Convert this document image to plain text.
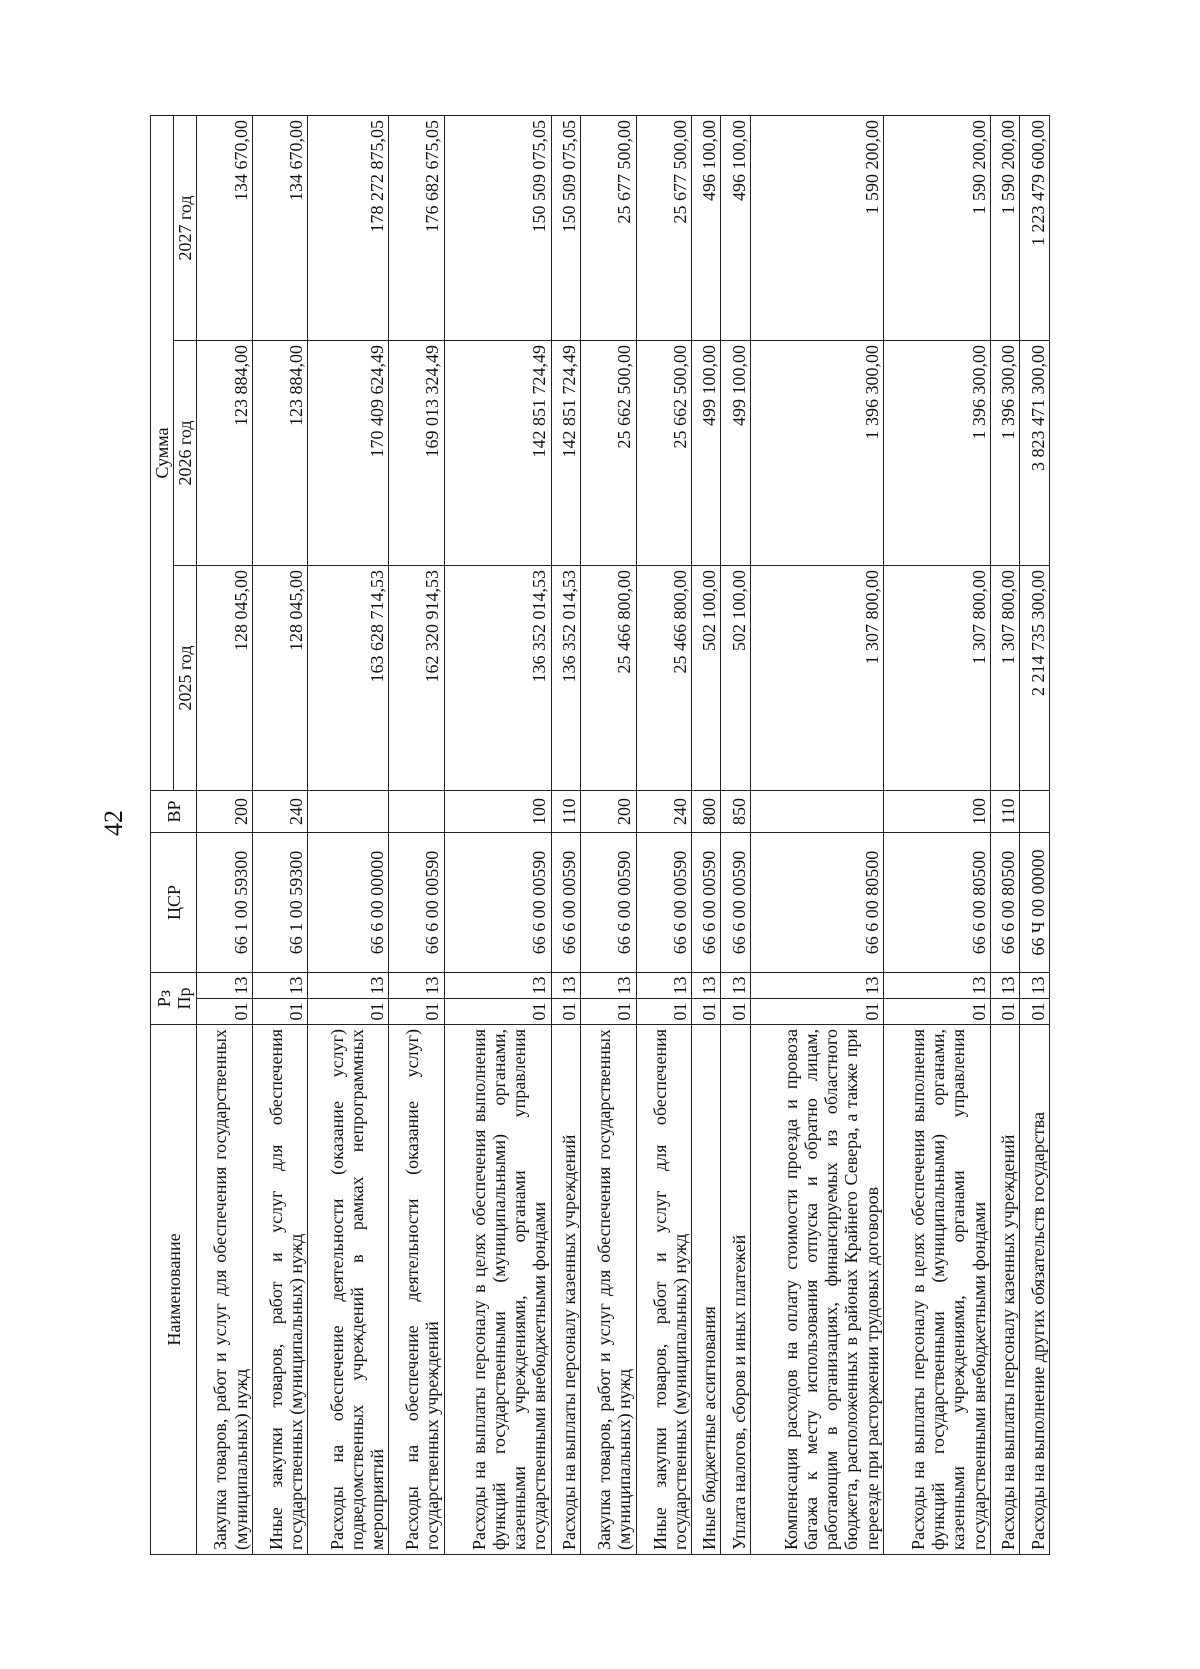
42
Наименование	Рз Пр		ЦСР	ВР	Сумма		
					2025 год	2026 год	2027 год
Закупка товаров, работ и услуг для обеспечения государственных (муниципальных) нужд	01	13	66 1 00 59300	200	128 045,00	123 884,00	134 670,00
Иные закупки товаров, работ и услуг для обеспечения государственных (муниципальных) нужд	01	13	66 1 00 59300	240	128 045,00	123 884,00	134 670,00
Расходы на обеспечение деятельности (оказание услуг) подведомственных учреждений в рамках непрограммных мероприятий	01	13	66 6 00 00000		163 628 714,53	170 409 624,49	178 272 875,05
Расходы на обеспечение деятельности (оказание услуг) государственных учреждений	01	13	66 6 00 00590		162 320 914,53	169 013 324,49	176 682 675,05
Расходы на выплаты персоналу в целях обеспечения выполнения функций государственными (муниципальными) органами, казенными учреждениями, органами управления государственными внебюджетными фондами	01	13	66 6 00 00590	100	136 352 014,53	142 851 724,49	150 509 075,05
Расходы на выплаты персоналу казенных учреждений	01	13	66 6 00 00590	110	136 352 014,53	142 851 724,49	150 509 075,05
Закупка товаров, работ и услуг для обеспечения государственных (муниципальных) нужд	01	13	66 6 00 00590	200	25 466 800,00	25 662 500,00	25 677 500,00
Иные закупки товаров, работ и услуг для обеспечения государственных (муниципальных) нужд	01	13	66 6 00 00590	240	25 466 800,00	25 662 500,00	25 677 500,00
Иные бюджетные ассигнования	01	13	66 6 00 00590	800	502 100,00	499 100,00	496 100,00
Уплата налогов, сборов и иных платежей	01	13	66 6 00 00590	850	502 100,00	499 100,00	496 100,00
Компенсация расходов на оплату стоимости проезда и провоза багажа к месту использования отпуска и обратно лицам, работающим в организациях, финансируемых из областного бюджета, расположенных в районах Крайнего Севера, а также при переезде при расторжении трудовых договоров	01	13	66 6 00 80500		1 307 800,00	1 396 300,00	1 590 200,00
Расходы на выплаты персоналу в целях обеспечения выполнения функций государственными (муниципальными) органами, казенными учреждениями, органами управления государственными внебюджетными фондами	01	13	66 6 00 80500	100	1 307 800,00	1 396 300,00	1 590 200,00
Расходы на выплаты персоналу казенных учреждений	01	13	66 6 00 80500	110	1 307 800,00	1 396 300,00	1 590 200,00
Расходы на выполнение других обязательств государства	01	13	66 Ч 00 00000		2 214 735 300,00	3 823 471 300,00	1 223 479 600,00
